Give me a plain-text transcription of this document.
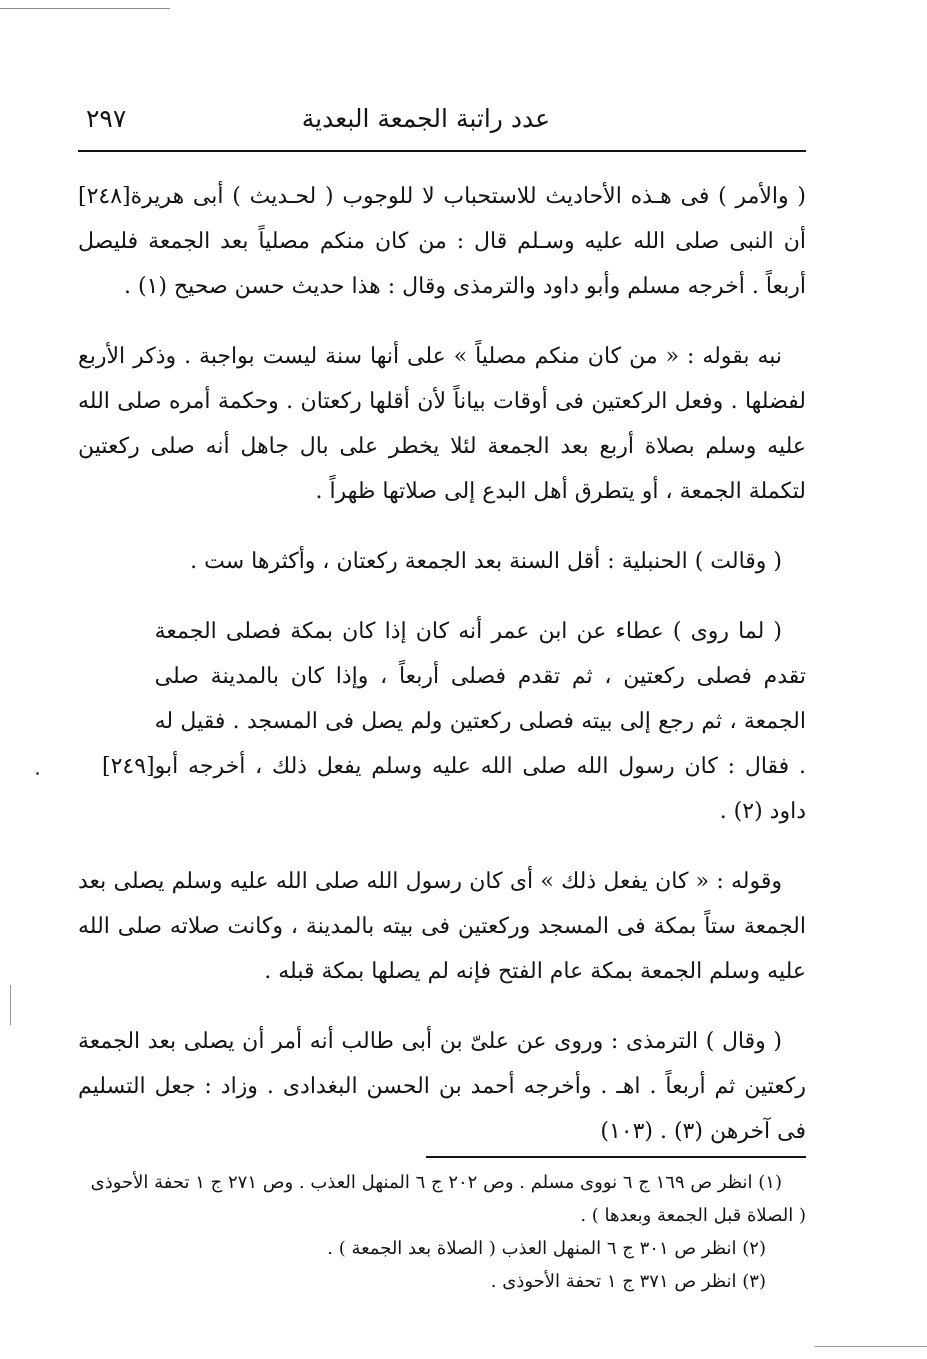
عدد راتبة الجمعة البعدية
٢٩٧

[٢٤٨] ( والأمر ) فى هـذه الأحاديث للاستحباب لا للوجوب ( لحـديث ) أبى هريرة أن النبى صلى الله عليه وسـلم قال : من كان منكم مصلياً بعد الجمعة فليصل أربعاً . أخرجه مسلم وأبو داود والترمذى وقال : هذا حديث حسن صحيح (١) .

نبه بقوله : « من كان منكم مصلياً » على أنها سنة ليست بواجبة . وذكر الأربع لفضلها . وفعل الركعتين فى أوقات بياناً لأن أقلها ركعتان . وحكمة أمره صلى الله عليه وسلم بصلاة أربع بعد الجمعة لئلا يخطر على بال جاهل أنه صلى ركعتين لتكملة الجمعة ، أو يتطرق أهل البدع إلى صلاتها ظهراً .

( وقالت ) الحنبلية : أقل السنة بعد الجمعة ركعتان ، وأكثرها ست .

[٢٤٩]
( لما روى ) عطاء عن ابن عمر أنه كان إذا كان بمكة فصلى الجمعة تقدم فصلى ركعتين ، ثم تقدم فصلى أربعاً ، وإذا كان بالمدينة صلى الجمعة ، ثم رجع إلى بيته فصلى ركعتين ولم يصل فى المسجد . فقيل له . فقال : كان رسول الله صلى الله عليه وسلم يفعل ذلك ، أخرجه أبو داود (٢) .

وقوله : « كان يفعل ذلك » أى كان رسول الله صلى الله عليه وسلم يصلى بعد الجمعة ستاً بمكة فى المسجد وركعتين فى بيته بالمدينة ، وكانت صلاته صلى الله عليه وسلم الجمعة بمكة عام الفتح فإنه لم يصلها بمكة قبله .

( وقال ) الترمذى : وروى عن علىّ بن أبى طالب أنه أمر أن يصلى بعد الجمعة ركعتين ثم أربعاً . اهـ . وأخرجه أحمد بن الحسن البغدادى . وزاد : جعل التسليم فى آخرهن (٣) . (١٠٣)

(١) انظر ص ١٦٩ ج ٦ نووى مسلم . وص ٢٠٢ ج ٦ المنهل العذب . وص ٢٧١ ج ١ تحفة الأحوذى ( الصلاة قبل الجمعة وبعدها ) .

(٢) انظر ص ٣٠١ ج ٦ المنهل العذب ( الصلاة بعد الجمعة ) .

(٣) انظر ص ٣٧١ ج ١ تحفة الأحوذى .
